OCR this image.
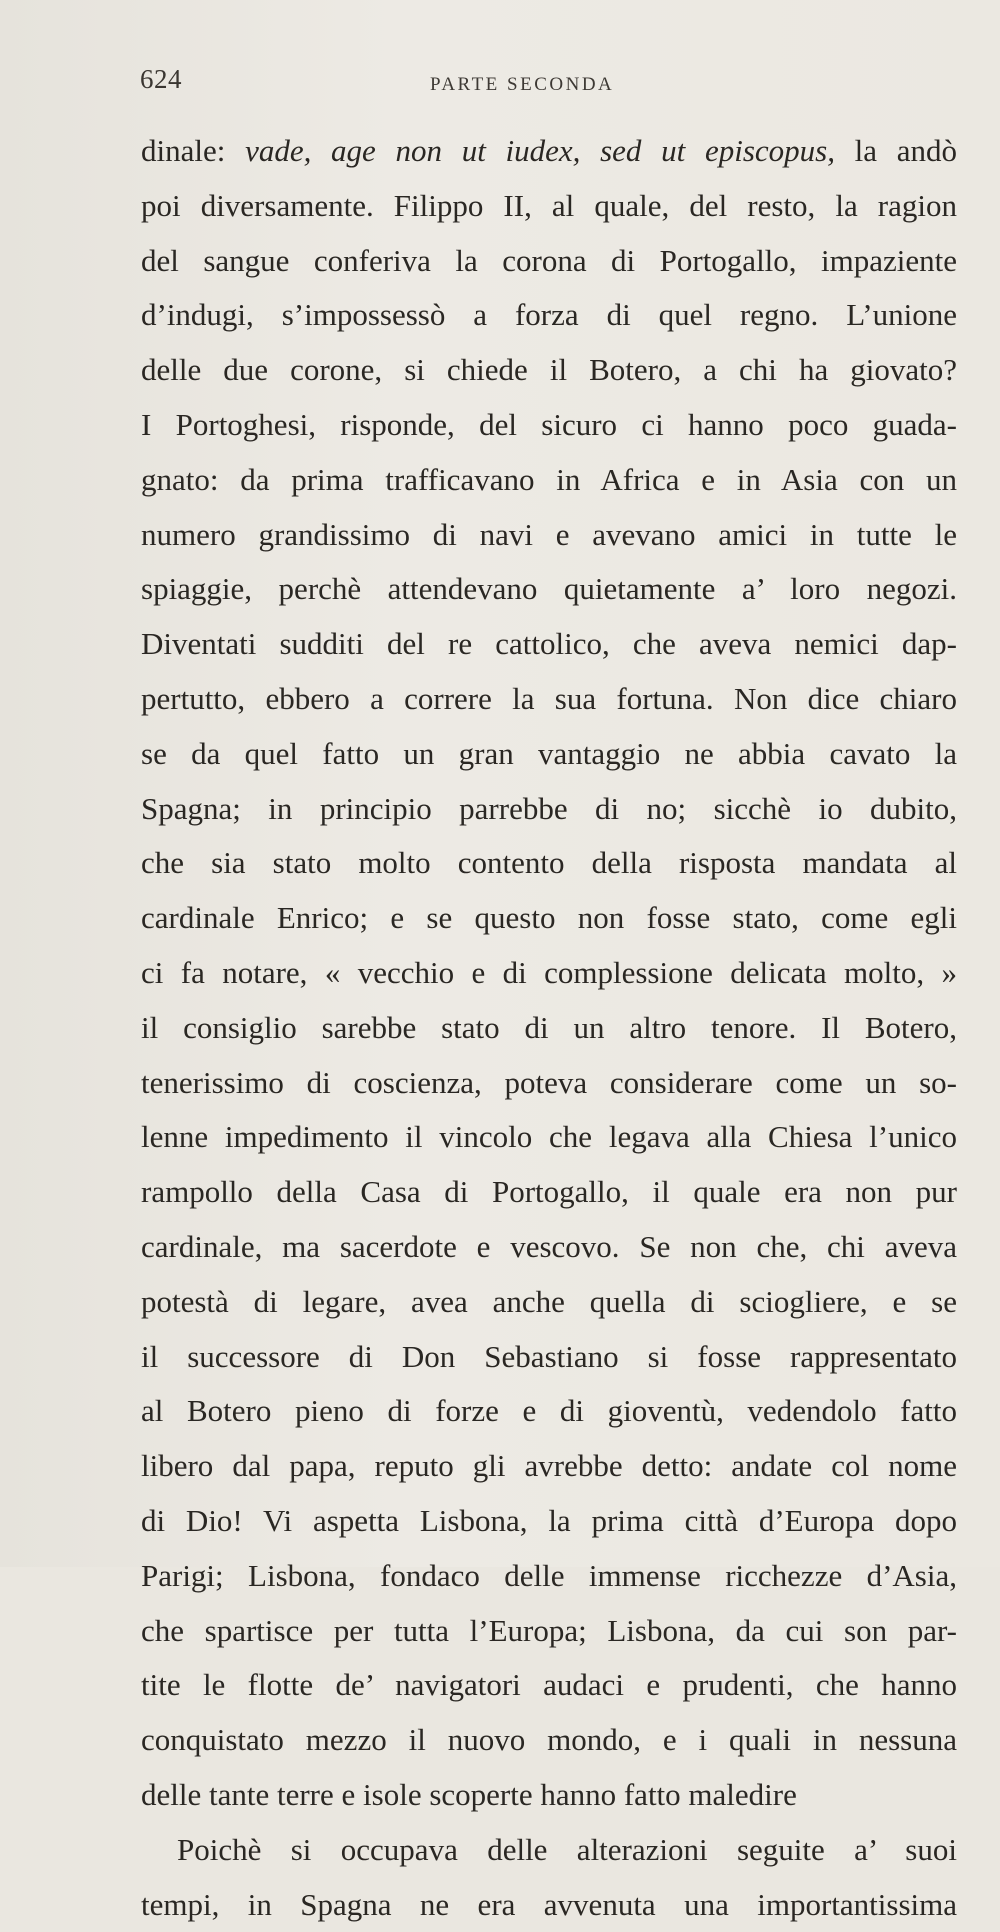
624	PARTE SECONDA
dinale: vade, age non ut iudex, sed ut episcopus, la andò
poi diversamente. Filippo II, al quale, del resto, la ragion
del sangue conferiva la corona di Portogallo, impaziente
d’indugi, s’impossessò a forza di quel regno. L’unione
delle due corone, si chiede il Botero, a chi ha giovato?
I Portoghesi, risponde, del sicuro ci hanno poco guada-
gnato: da prima trafficavano in Africa e in Asia con un
numero grandissimo di navi e avevano amici in tutte le
spiaggie, perchè attendevano quietamente a’ loro negozi.
Diventati sudditi del re cattolico, che aveva nemici dap-
pertutto, ebbero a correre la sua fortuna. Non dice chiaro
se da quel fatto un gran vantaggio ne abbia cavato la
Spagna; in principio parrebbe di no; sicchè io dubito,
che sia stato molto contento della risposta mandata al
cardinale Enrico; e se questo non fosse stato, come egli
ci fa notare, « vecchio e di complessione delicata molto, »
il consiglio sarebbe stato di un altro tenore. Il Botero,
tenerissimo di coscienza, poteva considerare come un so-
lenne impedimento il vincolo che legava alla Chiesa l’unico
rampollo della Casa di Portogallo, il quale era non pur
cardinale, ma sacerdote e vescovo. Se non che, chi aveva
potestà di legare, avea anche quella di sciogliere, e se
il successore di Don Sebastiano si fosse rappresentato
al Botero pieno di forze e di gioventù, vedendolo fatto
libero dal papa, reputo gli avrebbe detto: andate col nome
di Dio! Vi aspetta Lisbona, la prima città d’Europa dopo
Parigi; Lisbona, fondaco delle immense ricchezze d’Asia,
che spartisce per tutta l’Europa; Lisbona, da cui son par-
tite le flotte de’ navigatori audaci e prudenti, che hanno
conquistato mezzo il nuovo mondo, e i quali in nessuna
delle tante terre e isole scoperte hanno fatto maledire
Poichè si occupava delle alterazioni seguite a’ suoi
tempi, in Spagna ne era avvenuta una importantissima
